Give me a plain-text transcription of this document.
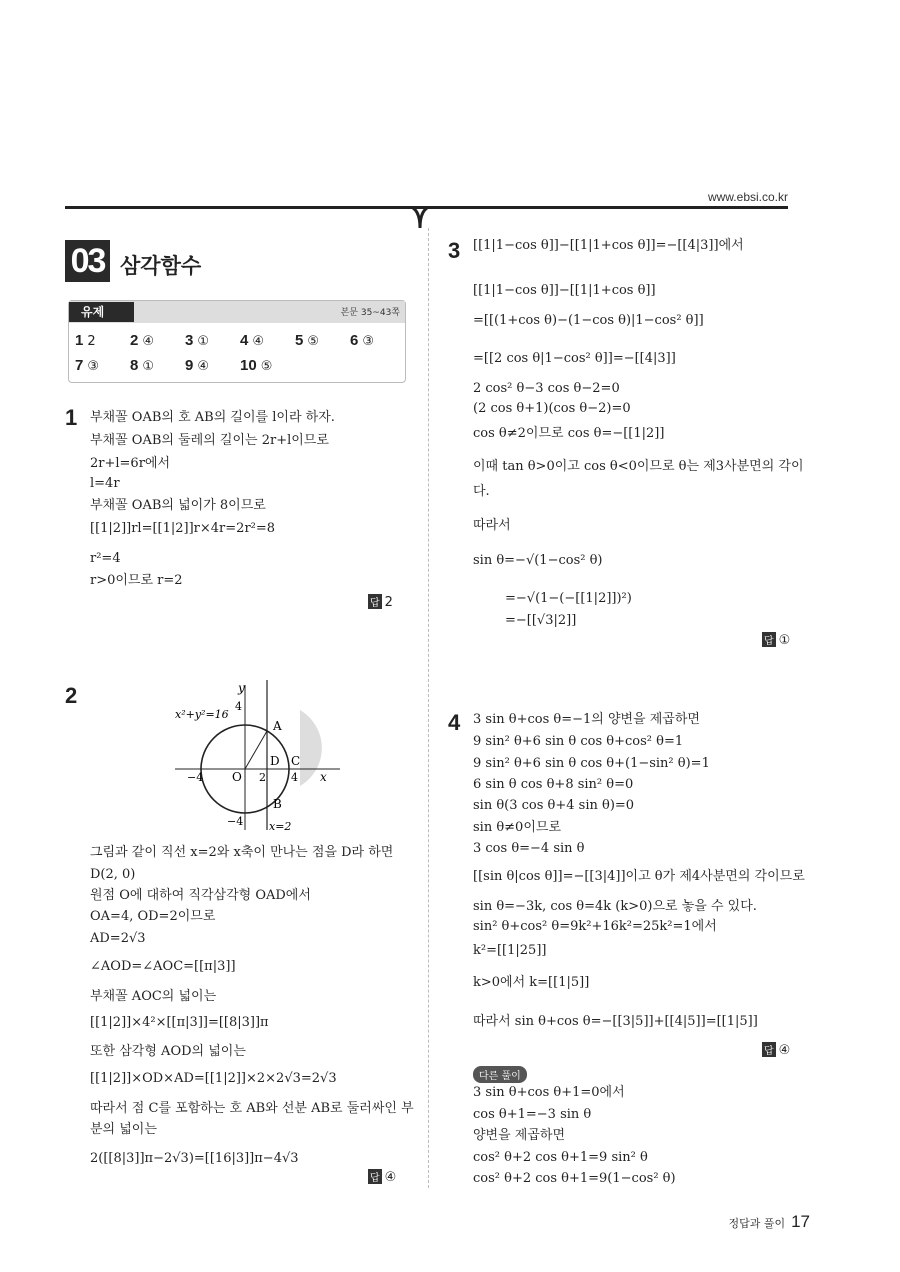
www.ebsi.co.kr
03 삼각함수
유제	본문 35~43쪽
1 2 2 ④ 3 ① 4 ④ 5 ⑤ 6 ③
7 ③ 8 ① 9 ④ 10 ⑤
1 부채꼴 OAB의 호 AB의 길이를 l이라 하자.
부채꼴 OAB의 둘레의 길이는 2r+l이므로
2r+l=6r에서
l=4r
부채꼴 OAB의 넓이가 8이므로
[[1|2]]rl=[[1|2]]r×4r=2r²=8
r²=4
r>0이므로 r=2
답 2
2
그림과 같이 직선 x=2와 x축이 만나는 점을 D라 하면
D(2, 0)
원점 O에 대하여 직각삼각형 OAD에서
OA=4, OD=2이므로
AD=2√3
∠AOD=∠AOC=[[π|3]]
부채꼴 AOC의 넓이는
[[1|2]]×4²×[[π|3]]=[[8|3]]π
또한 삼각형 AOD의 넓이는
[[1|2]]×OD×AD=[[1|2]]×2×2√3=2√3
따라서 점 C를 포함하는 호 AB와 선분 AB로 둘러싸인 부
분의 넓이는
2([[8|3]]π−2√3)=[[16|3]]π−4√3
답 ④
3 [[1|1−cos θ]]−[[1|1+cos θ]]=−[[4|3]]에서
[[1|1−cos θ]]−[[1|1+cos θ]]
=[[(1+cos θ)−(1−cos θ)|1−cos² θ]]
=[[2 cos θ|1−cos² θ]]=−[[4|3]]
2 cos² θ−3 cos θ−2=0
(2 cos θ+1)(cos θ−2)=0
cos θ≠2이므로 cos θ=−[[1|2]]
이때 tan θ>0이고 cos θ<0이므로 θ는 제3사분면의 각이
다.
따라서
sin θ=−√(1−cos² θ)
=−√(1−(−[[1|2]])²)
=−[[√3|2]]
답 ①
4 3 sin θ+cos θ=−1의 양변을 제곱하면
9 sin² θ+6 sin θ cos θ+cos² θ=1
9 sin² θ+6 sin θ cos θ+(1−sin² θ)=1
6 sin θ cos θ+8 sin² θ=0
sin θ(3 cos θ+4 sin θ)=0
sin θ≠0이므로
3 cos θ=−4 sin θ
[[sin θ|cos θ]]=−[[3|4]]이고 θ가 제4사분면의 각이므로
sin θ=−3k, cos θ=4k (k>0)으로 놓을 수 있다.
sin² θ+cos² θ=9k²+16k²=25k²=1에서
k²=[[1|25]]
k>0에서 k=[[1|5]]
따라서 sin θ+cos θ=−[[3|5]]+[[4|5]]=[[1|5]]
답 ④
다른 풀이
3 sin θ+cos θ+1=0에서
cos θ+1=−3 sin θ
양변을 제곱하면
cos² θ+2 cos θ+1=9 sin² θ
cos² θ+2 cos θ+1=9(1−cos² θ)
x²+y²=16
x=2
A
B
C
D
O	x
y
4
−4	2 4
−4
정답과 풀이 17
